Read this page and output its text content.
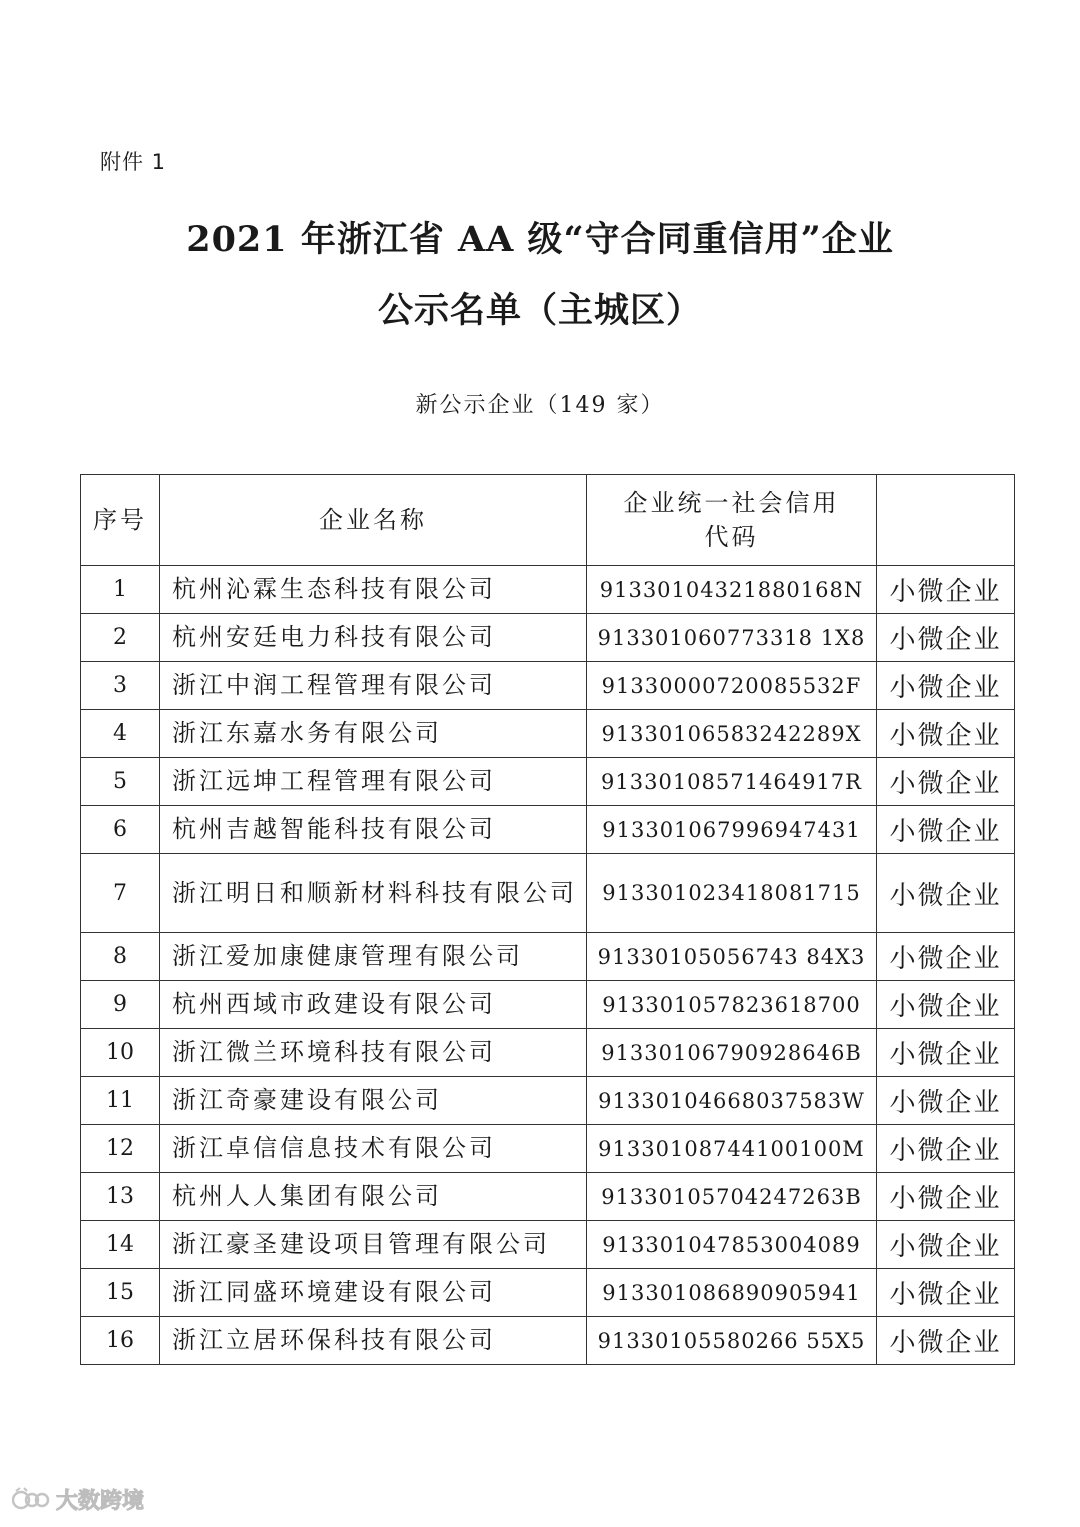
附件 1
2021 年浙江省 AA 级“守合同重信用”企业
公示名单（主城区）
新公示企业（149 家）
序号	企业名称	企业统一社会信用代码	
1	杭州沁霖生态科技有限公司	91330104321880168N	小微企业
2	杭州安廷电力科技有限公司	913301060773318 1X8	小微企业
3	浙江中润工程管理有限公司	91330000720085532F	小微企业
4	浙江东嘉水务有限公司	91330106583242289X	小微企业
5	浙江远坤工程管理有限公司	91330108571464917R	小微企业
6	杭州吉越智能科技有限公司	913301067996947431	小微企业
7	浙江明日和顺新材料科技有限公司	913301023418081715	小微企业
8	浙江爱加康健康管理有限公司	91330105056743 84X3	小微企业
9	杭州西域市政建设有限公司	913301057823618700	小微企业
10	浙江微兰环境科技有限公司	91330106790928646B	小微企业
11	浙江奇豪建设有限公司	91330104668037583W	小微企业
12	浙江卓信信息技术有限公司	91330108744100100M	小微企业
13	杭州人人集团有限公司	91330105704247263B	小微企业
14	浙江豪圣建设项目管理有限公司	913301047853004089	小微企业
15	浙江同盛环境建设有限公司	913301086890905941	小微企业
16	浙江立居环保科技有限公司	91330105580266 55X5	小微企业
大数跨境
